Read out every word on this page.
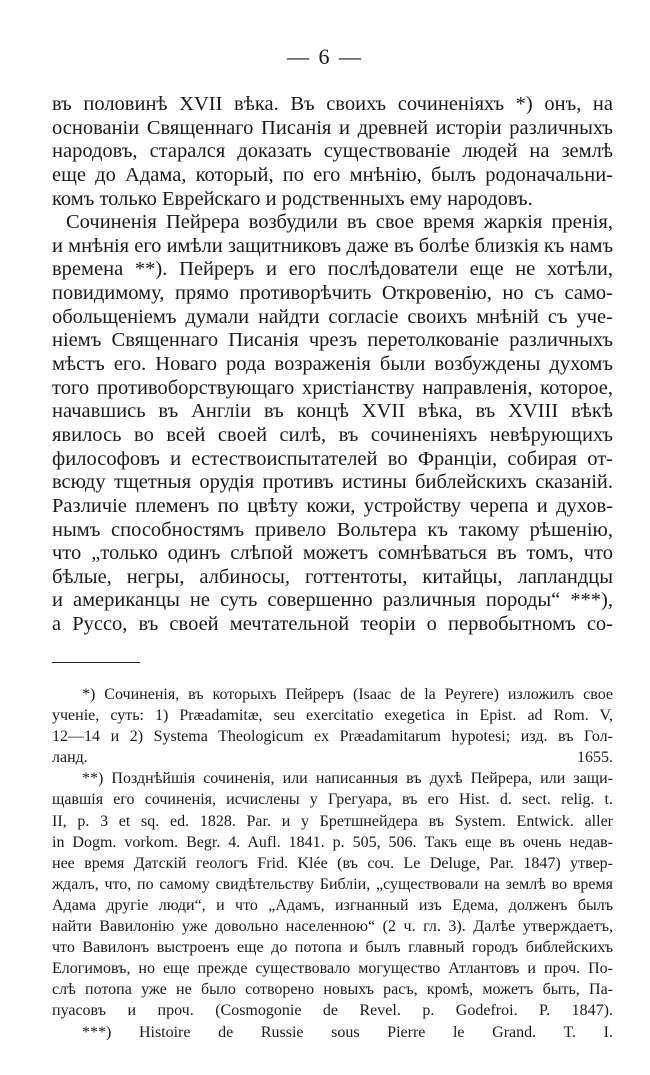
— 6 —
въ половинѣ XVII вѣка. Въ своихъ сочиненіяхъ *) онъ, на
основаніи Священнаго Писанія и древней исторіи различныхъ
народовъ, старался доказать существованіе людей на землѣ
еще до Адама, который, по его мнѣнію, былъ родоначальни-
комъ только Еврейскаго и родственныхъ ему народовъ.
Сочиненія Пейрера возбудили въ свое время жаркія пренія,
и мнѣнія его имѣли защитниковъ даже въ болѣе близкія къ намъ
времена **). Пейреръ и его послѣдователи еще не хотѣли,
повидимому, прямо противорѣчить Откровенію, но съ само-
обольщеніемъ думали найдти согласіе своихъ мнѣній съ уче-
ніемъ Священнаго Писанія чрезъ перетолкованіе различныхъ
мѣстъ его. Новаго рода возраженія были возбуждены духомъ
того противоборствующаго христіанству направленія, которое,
начавшись въ Англіи въ концѣ XVII вѣка, въ XVIII вѣкѣ
явилось во всей своей силѣ, въ сочиненіяхъ невѣрующихъ
философовъ и естествоиспытателей во Франціи, собирая от-
всюду тщетныя орудія противъ истины библейскихъ сказаній.
Различіе племенъ по цвѣту кожи, устройству черепа и духов-
нымъ способностямъ привело Вольтера къ такому рѣшенію,
что „только одинъ слѣпой можетъ сомнѣваться въ томъ, что
бѣлые, негры, албиносы, готтентоты, китайцы, лапландцы
и американцы не суть совершенно различныя породы“ ***),
а Руссо, въ своей мечтательной теоріи о первобытномъ со-
*) Сочиненія, въ которыхъ Пейреръ (Isaac de la Peyrere) изложилъ свое
ученіе, суть: 1) Præadamitæ, seu exercitatio exegetica in Epist. ad Rom. V,
12—14 и 2) Systema Theologicum ex Præadamitarum hypotesi; изд. въ Гол-
ланд. 1655.
**) Позднѣйшія сочиненія, или написанныя въ духѣ Пейрера, или защи-
щавшія его сочиненія, исчислены у Грегуара, въ его Hist. d. sect. relig. t.
II, p. 3 et sq. ed. 1828. Par. и у Бретшнейдера въ System. Entwick. aller
in Dogm. vorkom. Begr. 4. Aufl. 1841. p. 505, 506. Такъ еще въ очень недав-
нее время Датскій геологъ Frid. Klée (въ соч. Le Deluge, Par. 1847) утвер-
ждалъ, что, по самому свидѣтельству Библіи, „существовали на землѣ во время
Адама другіе люди“, и что „Адамъ, изгнанный изъ Едема, долженъ былъ
найти Вавилонію уже довольно населенною“ (2 ч. гл. 3). Далѣе утверждаетъ,
что Вавилонъ выстроенъ еще до потопа и былъ главный городъ библейскихъ
Елогимовъ, но еще прежде существовало могущество Атлантовъ и проч. По-
слѣ потопа уже не было сотворено новыхъ расъ, кромѣ, можетъ быть, Па-
пуасовъ и проч. (Cosmogonie de Revel. p. Godefroi. P. 1847).
***) Histoire de Russie sous Pierre le Grand. T. I.
